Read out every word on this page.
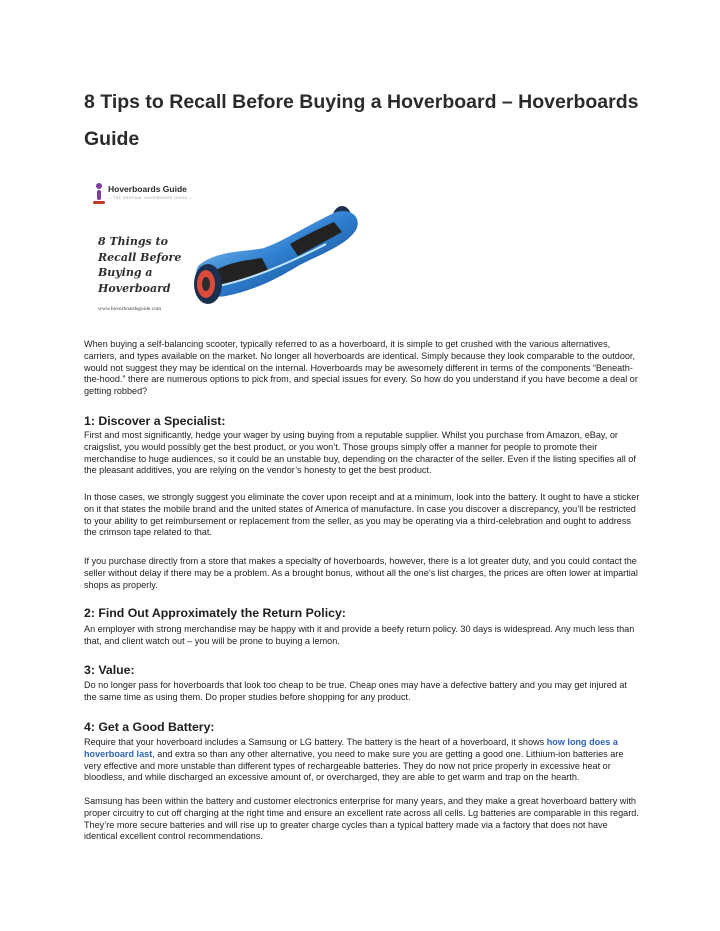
8 Tips to Recall Before Buying a Hoverboard – Hoverboards Guide
Hoverboards Guide
— THE ORIGINAL HOVERBOARD GUIDE —
8 Things to
Recall Before
Buying a
Hoverboard
www.hoverboardsguide.com

When buying a self-balancing scooter, typically referred to as a hoverboard, it is simple to get crushed with the various alternatives, carriers, and types available on the market. No longer all hoverboards are identical. Simply because they look comparable to the outdoor, would not suggest they may be identical on the internal. Hoverboards may be awesomely different in terms of the components “Beneath-the-hood.” there are numerous options to pick from, and special issues for every. So how do you understand if you have become a deal or getting robbed?

1: Discover a Specialist:

First and most significantly, hedge your wager by using buying from a reputable supplier. Whilst you purchase from Amazon, eBay, or craigslist, you would possibly get the best product, or you won’t. Those groups simply offer a manner for people to promote their merchandise to huge audiences, so it could be an unstable buy, depending on the character of the seller. Even if the listing specifies all of the pleasant additives, you are relying on the vendor’s honesty to get the best product.

In those cases, we strongly suggest you eliminate the cover upon receipt and at a minimum, look into the battery. It ought to have a sticker on it that states the mobile brand and the united states of America of manufacture. In case you discover a discrepancy, you’ll be restricted to your ability to get reimbursement or replacement from the seller, as you may be operating via a third-celebration and ought to address the crimson tape related to that.

If you purchase directly from a store that makes a specialty of hoverboards, however, there is a lot greater duty, and you could contact the seller without delay if there may be a problem. As a brought bonus, without all the one’s list charges, the prices are often lower at impartial shops as properly.

2: Find Out Approximately the Return Policy:

An employer with strong merchandise may be happy with it and provide a beefy return policy. 30 days is widespread. Any much less than that, and client watch out – you will be prone to buying a lemon.

3: Value:

Do no longer pass for hoverboards that look too cheap to be true. Cheap ones may have a defective battery and you may get injured at the same time as using them. Do proper studies before shopping for any product.

4: Get a Good Battery:

Require that your hoverboard includes a Samsung or LG battery. The battery is the heart of a hoverboard, it shows how long does a hoverboard last, and extra so than any other alternative, you need to make sure you are getting a good one. Lithium-ion batteries are very effective and more unstable than different types of rechargeable batteries. They do now not price properly in excessive heat or bloodless, and while discharged an excessive amount of, or overcharged, they are able to get warm and trap on the hearth.

Samsung has been within the battery and customer electronics enterprise for many years, and they make a great hoverboard battery with proper circuitry to cut off charging at the right time and ensure an excellent rate across all cells. Lg batteries are comparable in this regard. They’re more secure batteries and will rise up to greater charge cycles than a typical battery made via a factory that does not have identical excellent control recommendations.
